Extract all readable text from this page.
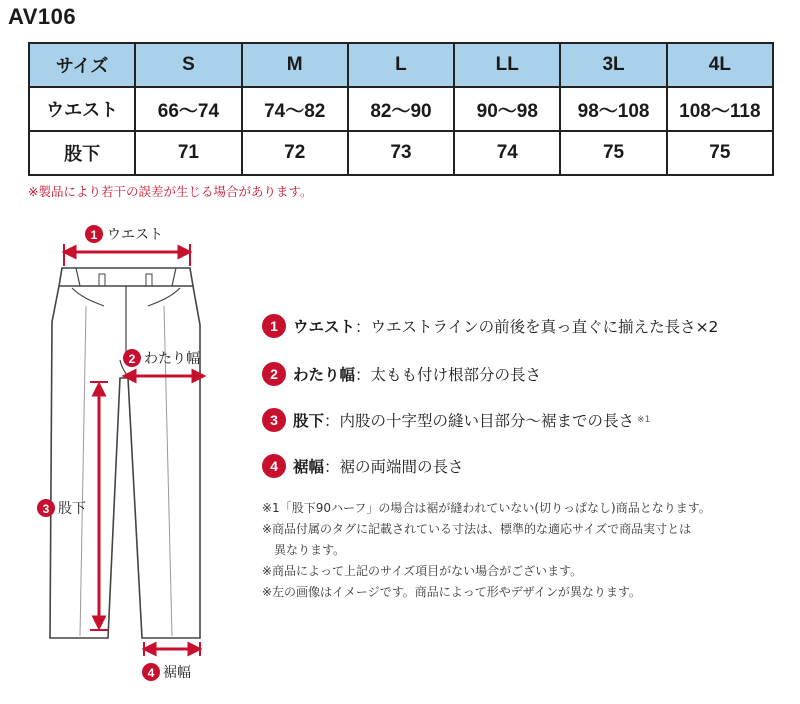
AV106
サイズ	S	M	L	LL	3L	4L
ウエスト	66〜74	74〜82	82〜90	90〜98	98〜108	108〜118
股下	71	72	73	74	75	75
※製品により若干の誤差が生じる場合があります。
1 ウエスト
2 わたり幅
3 股下
4 裾幅
1 ウエスト ： ウエストラインの前後を真っ直ぐに揃えた長さ×2
2 わたり幅 ： 太もも付け根部分の長さ
3 股下 ： 内股の十字型の縫い目部分〜裾までの長さ ※1
4 裾幅 ： 裾の両端間の長さ
※1「股下90ハーフ」の場合は裾が縫われていない(切りっぱなし)商品となります。
※商品付属のタグに記載されている寸法は、標準的な適応サイズで商品実寸とは
異なります。
※商品によって上記のサイズ項目がない場合がございます。
※左の画像はイメージです。商品によって形やデザインが異なります。
